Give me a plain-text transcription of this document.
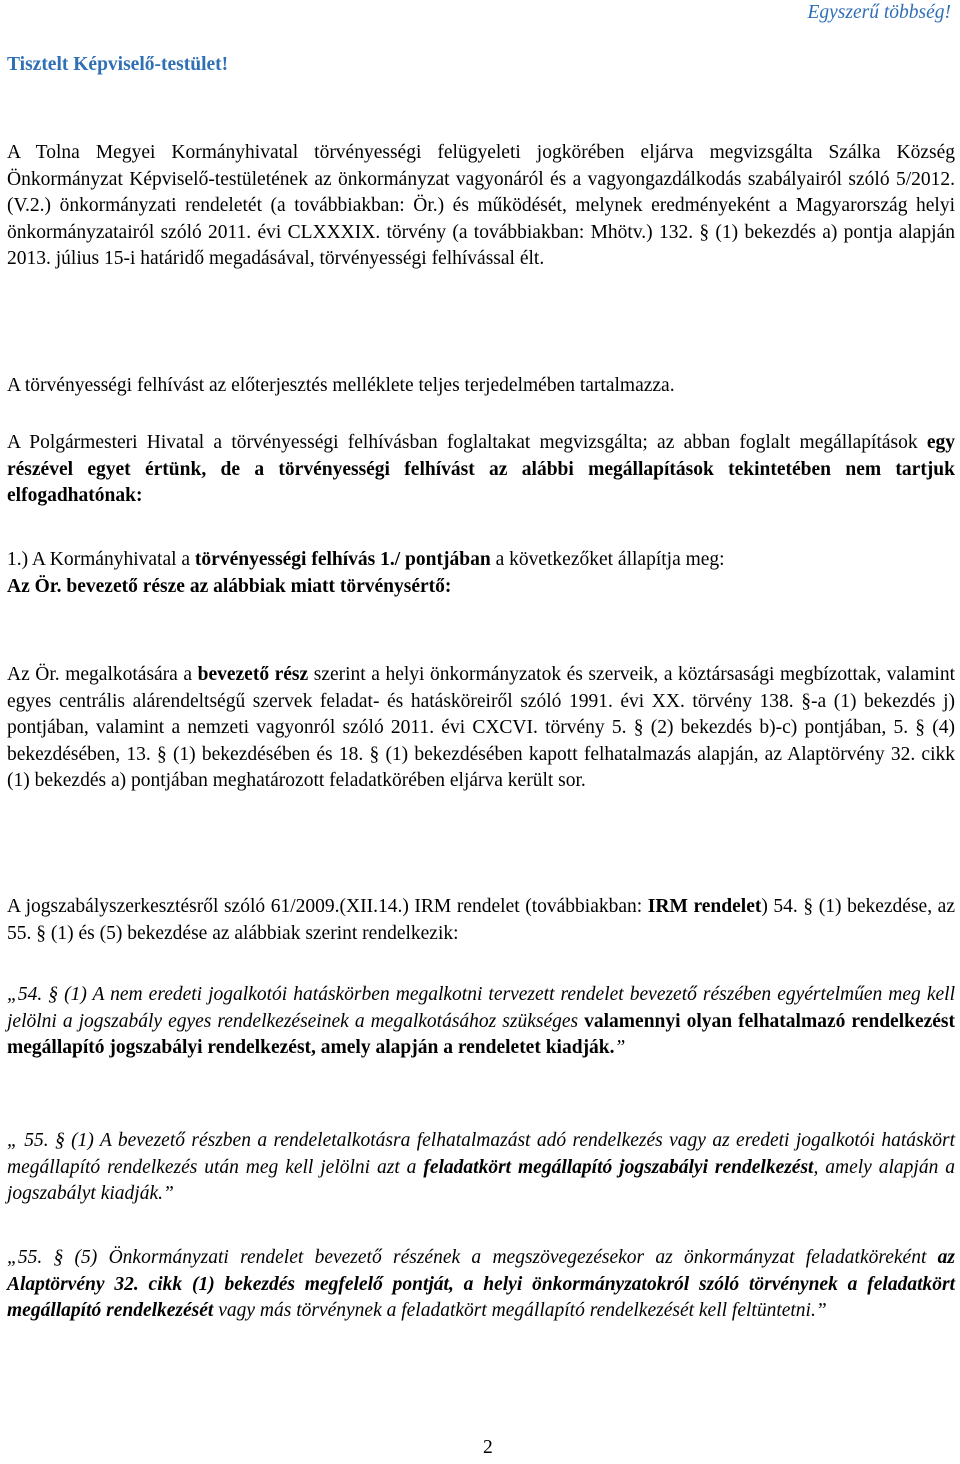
Egyszerű többség!
Tisztelt Képviselő-testület!

A Tolna Megyei Kormányhivatal törvényességi felügyeleti jogkörében eljárva megvizsgálta Szálka Község Önkormányzat Képviselő-testületének az önkormányzat vagyonáról és a vagyongazdálkodás szabályairól szóló 5/2012.(V.2.) önkormányzati rendeletét (a továbbiakban: Ör.) és működését, melynek eredményeként a Magyarország helyi önkormányzatairól szóló 2011. évi CLXXXIX. törvény (a továbbiakban: Mhötv.) 132. § (1) bekezdés a) pontja alapján 2013. július 15-i határidő megadásával, törvényességi felhívással élt.

A törvényességi felhívást az előterjesztés melléklete teljes terjedelmében tartalmazza.

A Polgármesteri Hivatal a törvényességi felhívásban foglaltakat megvizsgálta; az abban foglalt megállapítások egy részével egyet értünk, de a törvényességi felhívást az alábbi megállapítások tekintetében nem tartjuk elfogadhatónak:

1.) A Kormányhivatal a törvényességi felhívás 1./ pontjában a következőket állapítja meg:

Az Ör. bevezető része az alábbiak miatt törvénysértő:

Az Ör. megalkotására a bevezető rész szerint a helyi önkormányzatok és szerveik, a köztársasági megbízottak, valamint egyes centrális alárendeltségű szervek feladat- és hatásköreiről szóló 1991. évi XX. törvény 138. §-a (1) bekezdés j) pontjában, valamint a nemzeti vagyonról szóló 2011. évi CXCVI. törvény 5. § (2) bekezdés b)-c) pontjában, 5. § (4) bekezdésében, 13. § (1) bekezdésében és 18. § (1) bekezdésében kapott felhatalmazás alapján, az Alaptörvény 32. cikk (1) bekezdés a) pontjában meghatározott feladatkörében eljárva került sor.

A jogszabályszerkesztésről szóló 61/2009.(XII.14.) IRM rendelet (továbbiakban: IRM rendelet) 54. § (1) bekezdése, az 55. § (1) és (5) bekezdése az alábbiak szerint rendelkezik:

„54. § (1) A nem eredeti jogalkotói hatáskörben megalkotni tervezett rendelet bevezető részében egyértelműen meg kell jelölni a jogszabály egyes rendelkezéseinek a megalkotásához szükséges valamennyi olyan felhatalmazó rendelkezést megállapító jogszabályi rendelkezést, amely alapján a rendeletet kiadják.”

„ 55. § (1) A bevezető részben a rendeletalkotásra felhatalmazást adó rendelkezés vagy az eredeti jogalkotói hatáskört megállapító rendelkezés után meg kell jelölni azt a feladatkört megállapító jogszabályi rendelkezést, amely alapján a jogszabályt kiadják.”

„55. § (5) Önkormányzati rendelet bevezető részének a megszövegezésekor az önkormányzat feladatköreként az Alaptörvény 32. cikk (1) bekezdés megfelelő pontját, a helyi önkormányzatokról szóló törvénynek a feladatkört megállapító rendelkezését vagy más törvénynek a feladatkört megállapító rendelkezését kell feltüntetni.”

2
